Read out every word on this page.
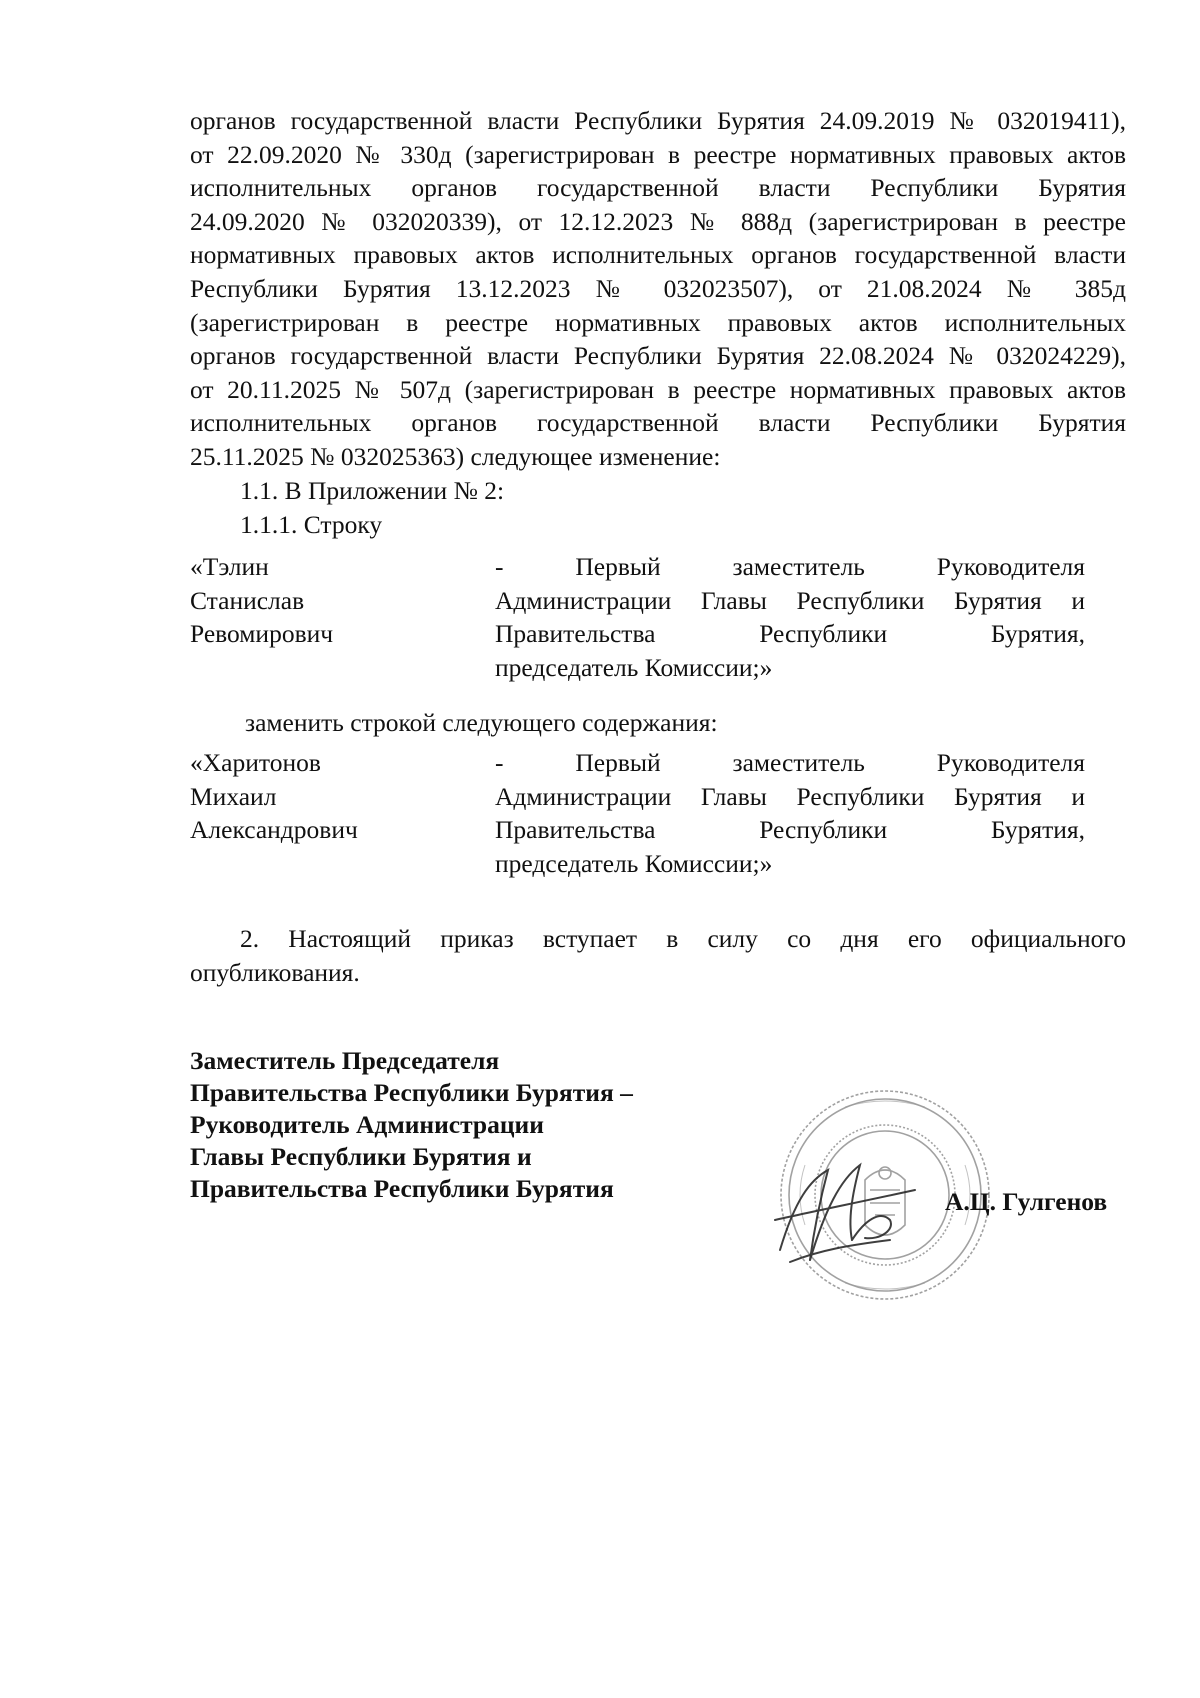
органов государственной власти Республики Бурятия 24.09.2019 № 032019411),
от 22.09.2020 № 330д (зарегистрирован в реестре нормативных правовых актов
исполнительных органов государственной власти Республики Бурятия
24.09.2020 № 032020339), от 12.12.2023 № 888д (зарегистрирован в реестре
нормативных правовых актов исполнительных органов государственной власти
Республики Бурятия 13.12.2023 № 032023507), от 21.08.2024 № 385д
(зарегистрирован в реестре нормативных правовых актов исполнительных
органов государственной власти Республики Бурятия 22.08.2024 № 032024229),
от 20.11.2025 № 507д (зарегистрирован в реестре нормативных правовых актов
исполнительных органов государственной власти Республики Бурятия
25.11.2025 № 032025363) следующее изменение:
1.1. В Приложении № 2:
1.1.1. Строку
«Тэлин
Станислав
Ревомирович
- Первый заместитель Руководителя
Администрации Главы Республики Бурятия и
Правительства Республики Бурятия,
председатель Комиссии;»
заменить строкой следующего содержания:
«Харитонов
Михаил
Александрович
- Первый заместитель Руководителя
Администрации Главы Республики Бурятия и
Правительства Республики Бурятия,
председатель Комиссии;»
2. Настоящий приказ вступает в силу со дня его официального
опубликования.
Заместитель Председателя
Правительства Республики Бурятия –
Руководитель Администрации
Главы Республики Бурятия и
Правительства Республики Бурятия	А.Ц. Гулгенов
